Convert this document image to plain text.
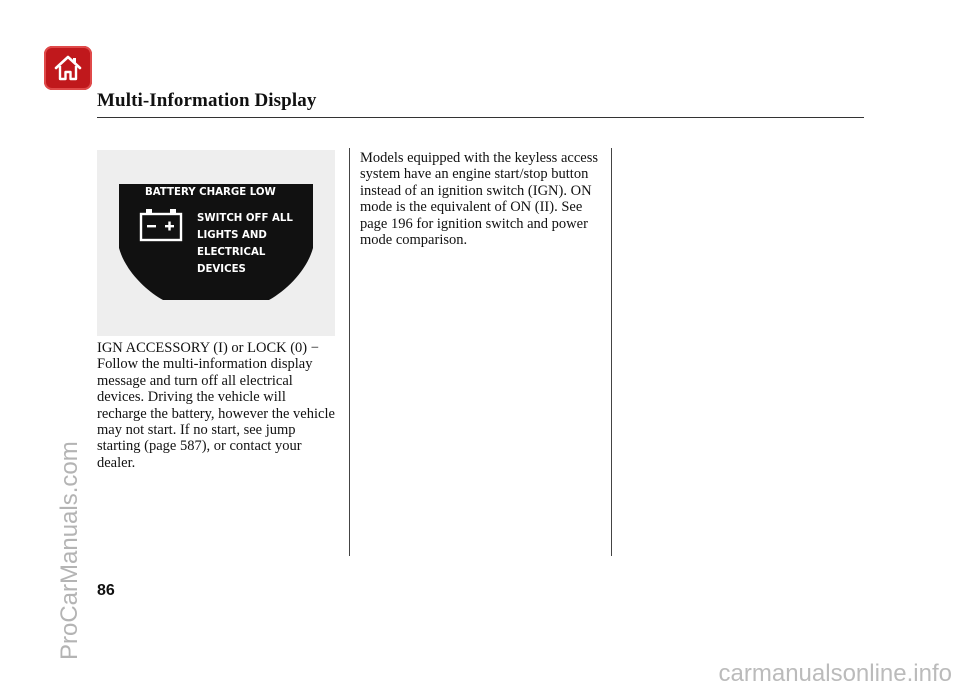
Multi-Information Display
BATTERY CHARGE LOW
SWITCH OFF ALL
LIGHTS AND
ELECTRICAL
DEVICES

IGN ACCESSORY (I) or LOCK (0) − Follow the multi-information display message and turn off all electrical devices. Driving the vehicle will recharge the battery, however the vehicle may not start. If no start, see jump starting (page 587), or contact your dealer.

Models equipped with the keyless access system have an engine start/stop button instead of an ignition switch (IGN). ON mode is the equivalent of ON (II). See page 196 for ignition switch and power mode comparison.

86
ProCarManuals.com
carmanualsonline.info
